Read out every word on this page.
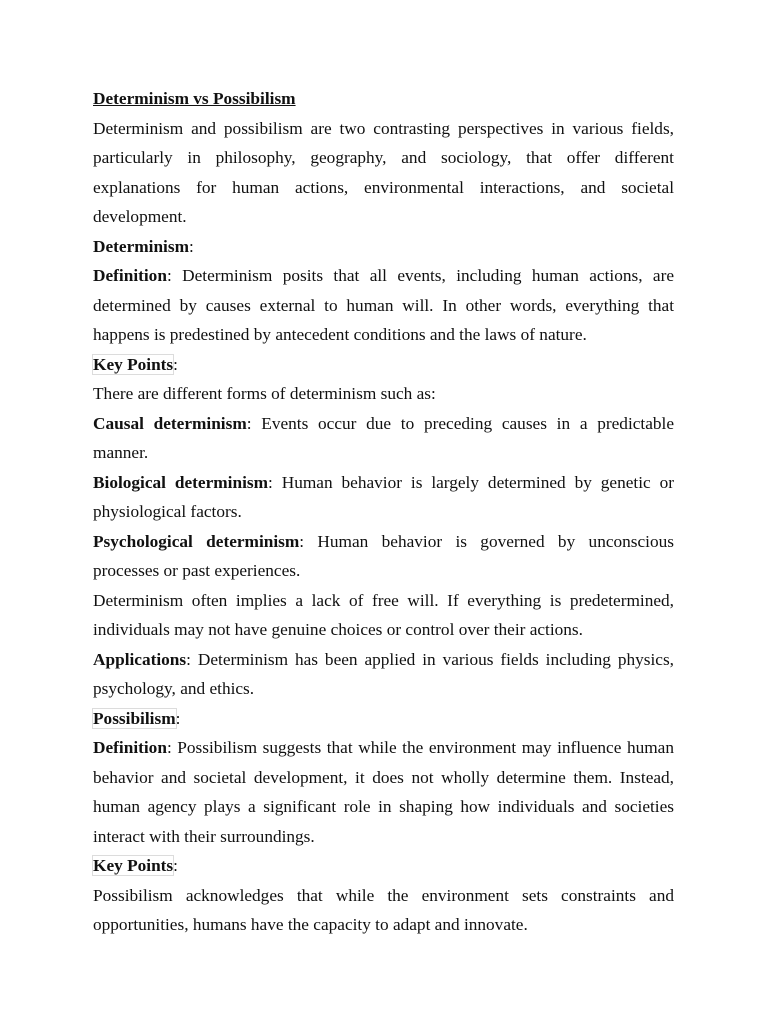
Determinism vs Possibilism

Determinism and possibilism are two contrasting perspectives in various fields, particularly in philosophy, geography, and sociology, that offer different explanations for human actions, environmental interactions, and societal development.

Determinism:

Definition: Determinism posits that all events, including human actions, are determined by causes external to human will. In other words, everything that happens is predestined by antecedent conditions and the laws of nature.

Key Points:

There are different forms of determinism such as:

Causal determinism: Events occur due to preceding causes in a predictable manner.

Biological determinism: Human behavior is largely determined by genetic or physiological factors.

Psychological determinism: Human behavior is governed by unconscious processes or past experiences.

Determinism often implies a lack of free will. If everything is predetermined, individuals may not have genuine choices or control over their actions.

Applications: Determinism has been applied in various fields including physics, psychology, and ethics.

Possibilism:

Definition: Possibilism suggests that while the environment may influence human behavior and societal development, it does not wholly determine them. Instead, human agency plays a significant role in shaping how individuals and societies interact with their surroundings.

Key Points:

Possibilism acknowledges that while the environment sets constraints and opportunities, humans have the capacity to adapt and innovate.
